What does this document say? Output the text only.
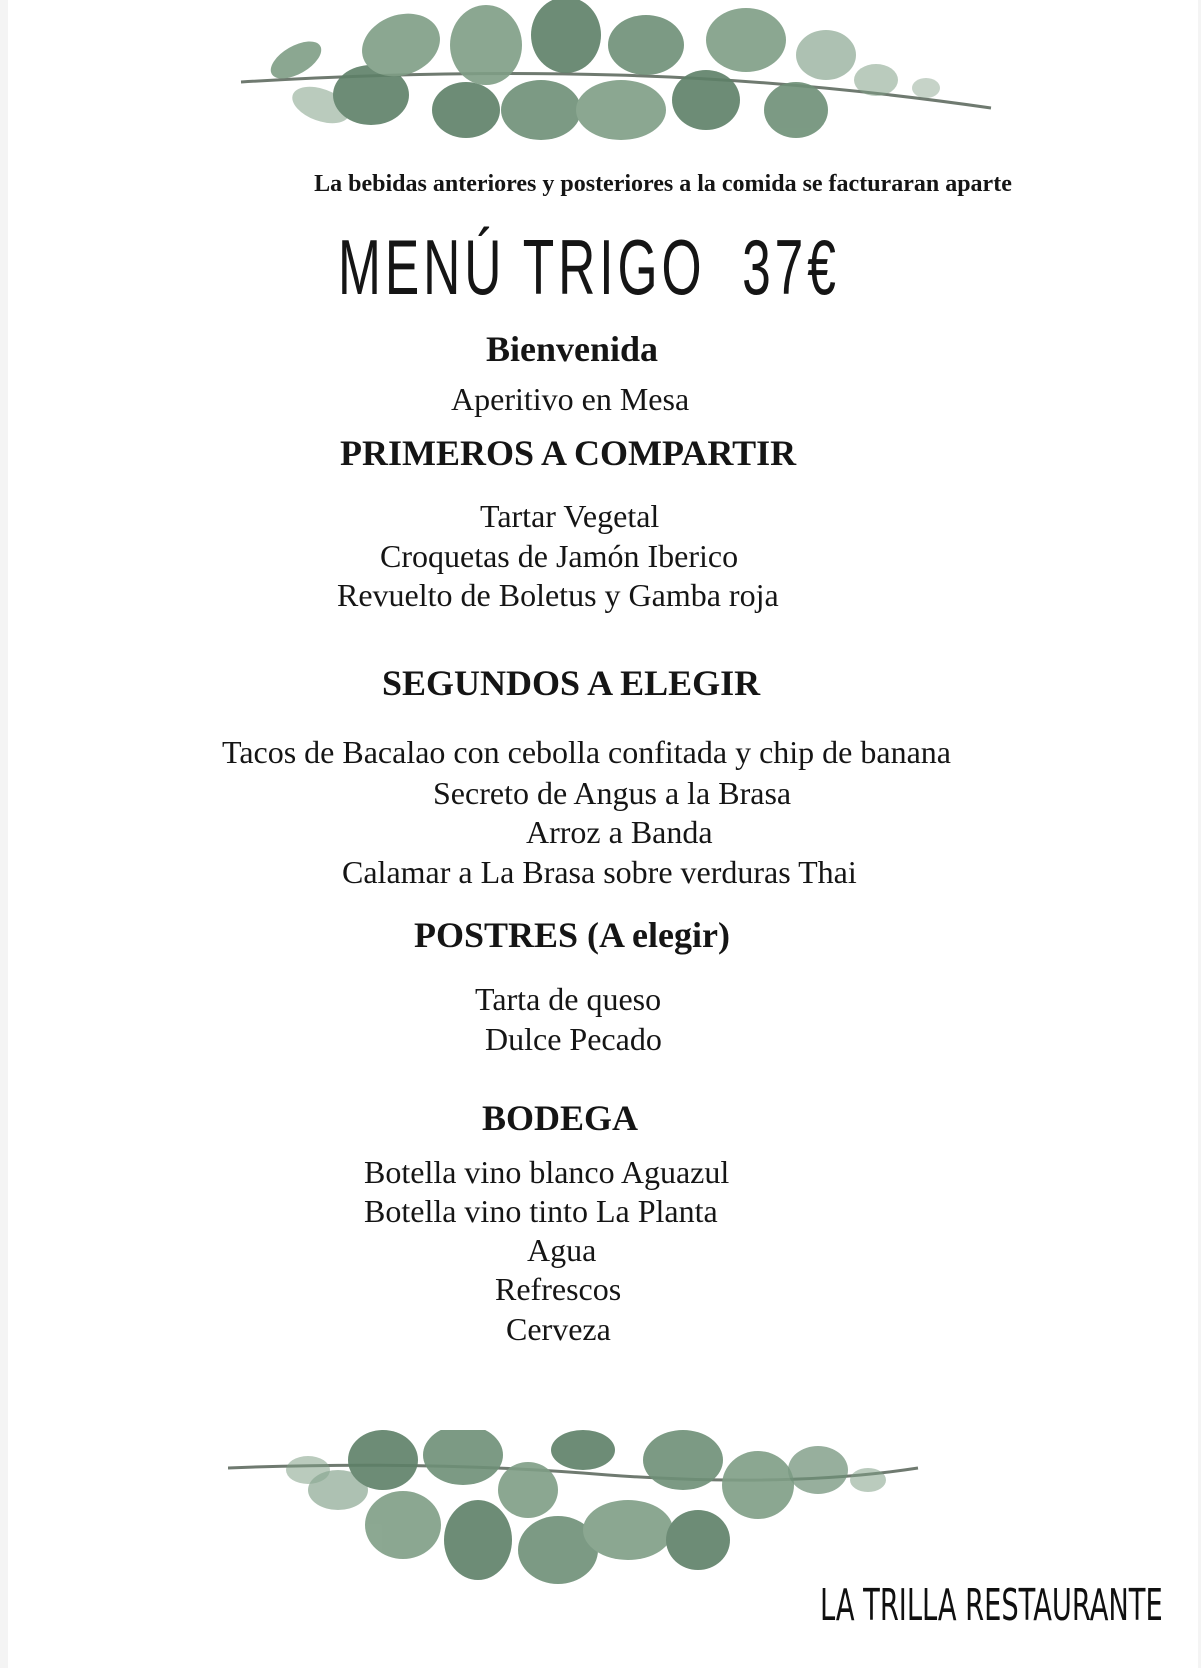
La bebidas anteriores y posteriores a la comida se facturaran aparte
MENÚ TRIGO 37€
Bienvenida
Aperitivo en Mesa
PRIMEROS A COMPARTIR
Tartar Vegetal
Croquetas de Jamón Iberico
Revuelto de Boletus y Gamba roja
SEGUNDOS A ELEGIR
Tacos de Bacalao con cebolla confitada y chip de banana
Secreto de Angus a la Brasa
Arroz a Banda
Calamar a La Brasa sobre verduras Thai
POSTRES (A elegir)
Tarta de queso
Dulce Pecado
BODEGA
Botella vino blanco Aguazul
Botella vino tinto La Planta
Agua
Refrescos
Cerveza
LA TRILLA RESTAURANTE
